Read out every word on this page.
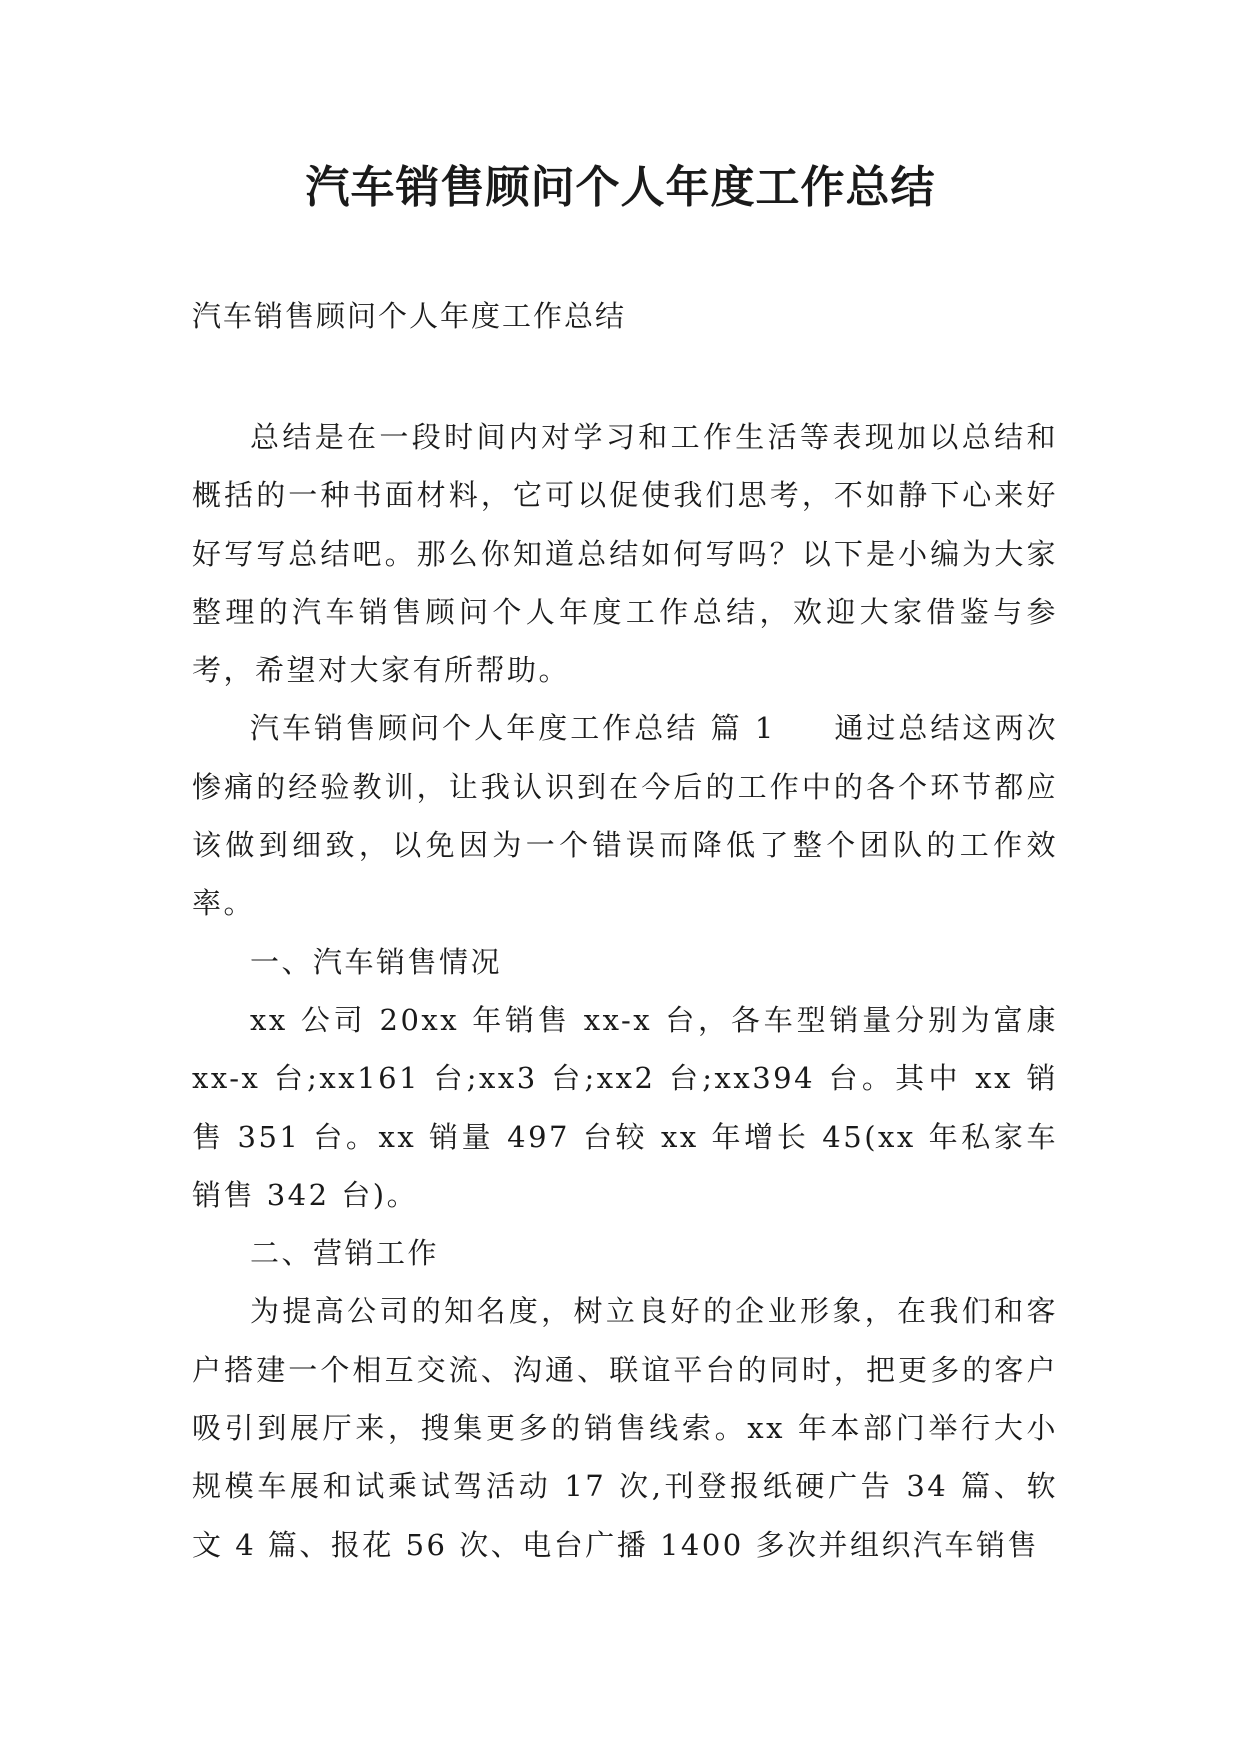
汽车销售顾问个人年度工作总结

汽车销售顾问个人年度工作总结

总结是在一段时间内对学习和工作生活等表现加以总结和概括的一种书面材料，它可以促使我们思考，不如静下心来好好写写总结吧。那么你知道总结如何写吗？以下是小编为大家整理的汽车销售顾问个人年度工作总结，欢迎大家借鉴与参考，希望对大家有所帮助。

汽车销售顾问个人年度工作总结 篇 1 通过总结这两次惨痛的经验教训，让我认识到在今后的工作中的各个环节都应该做到细致，以免因为一个错误而降低了整个团队的工作效率。

一、汽车销售情况

xx 公司 20xx 年销售 xx-x 台，各车型销量分别为富康 xx-x 台;xx161 台;xx3 台;xx2 台;xx394 台。其中 xx 销售 351 台。xx 销量 497 台较 xx 年增长 45(xx 年私家车销售 342 台)。

二、营销工作

为提高公司的知名度，树立良好的企业形象，在我们和客户搭建一个相互交流、沟通、联谊平台的同时，把更多的客户吸引到展厅来，搜集更多的销售线索。xx 年本部门举行大小规模车展和试乘试驾活动 17 次,刊登报纸硬广告 34 篇、软文 4 篇、报花 56 次、电台广播 1400 多次并组织汽车销售
